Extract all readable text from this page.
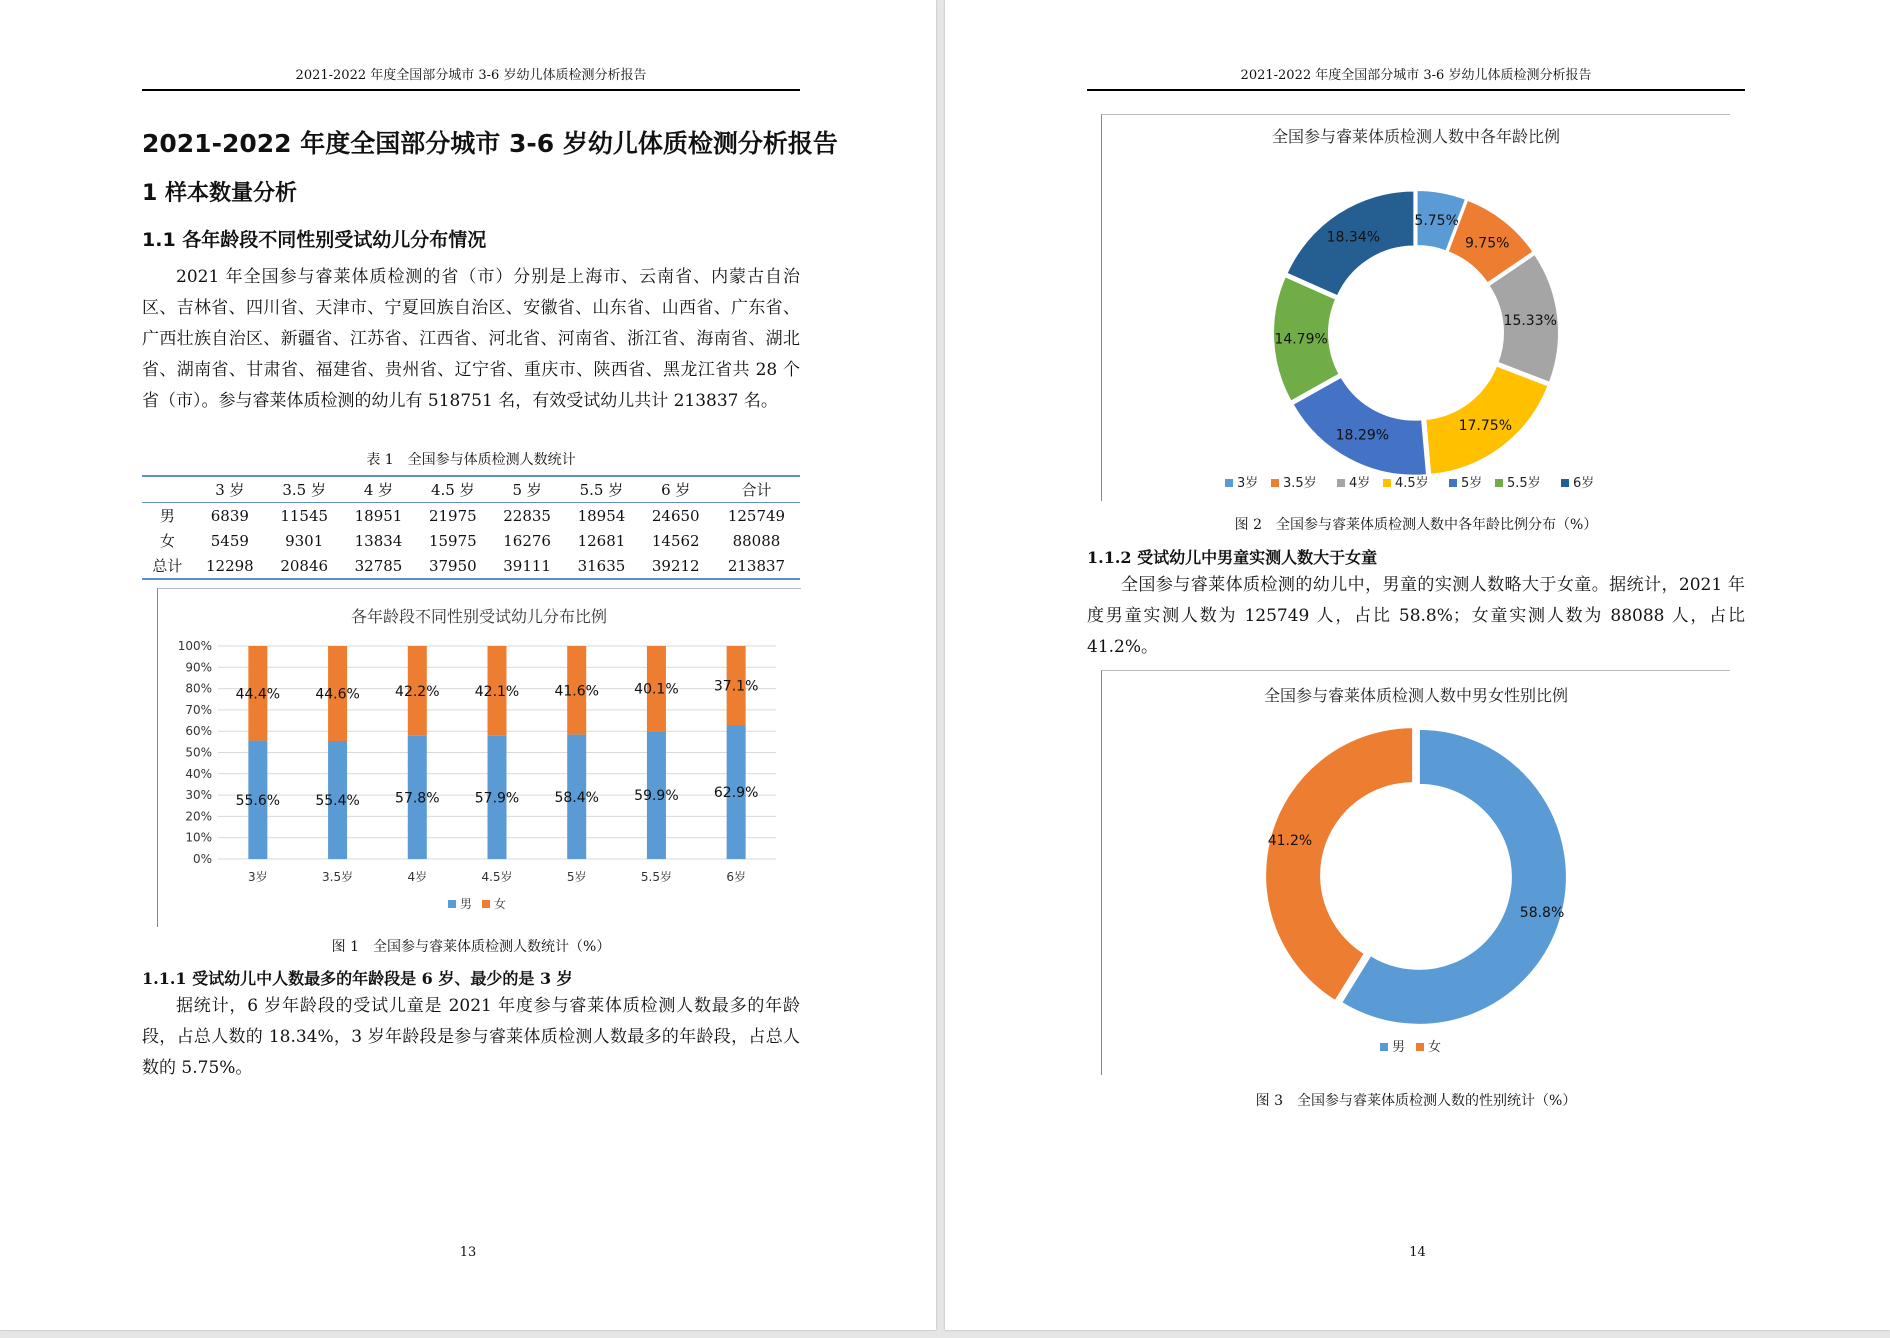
2021-2022 年度全国部分城市 3-6 岁幼儿体质检测分析报告
2021-2022 年度全国部分城市 3-6 岁幼儿体质检测分析报告
1 样本数量分析
1.1 各年龄段不同性别受试幼儿分布情况

2021 年全国参与睿莱体质检测的省（市）分别是上海市、云南省、内蒙古自治区、吉林省、四川省、天津市、宁夏回族自治区、安徽省、山东省、山西省、广东省、广西壮族自治区、新疆省、江苏省、江西省、河北省、河南省、浙江省、海南省、湖北省、湖南省、甘肃省、福建省、贵州省、辽宁省、重庆市、陕西省、黑龙江省共 28 个省（市）。参与睿莱体质检测的幼儿有 518751 名，有效受试幼儿共计 213837 名。

表 1　全国参与体质检测人数统计
	3 岁	3.5 岁	4 岁	4.5 岁	5 岁	5.5 岁	6 岁	合计
男	6839	11545	18951	21975	22835	18954	24650	125749
女	5459	9301	13834	15975	16276	12681	14562	88088
总计	12298	20846	32785	37950	39111	31635	39212	213837
各年龄段不同性别受试幼儿分布比例
0%
10%
20%
30%
40%
50%
60%
70%
80%
90%
100%
55.6%
44.4%
3岁
55.4%
44.6%
3.5岁
57.8%
42.2%
4岁
57.9%
42.1%
4.5岁
58.4%
41.6%
5岁
59.9%
40.1%
5.5岁
62.9%
37.1%
6岁
男 女
图 1　全国参与睿莱体质检测人数统计（%）
1.1.1 受试幼儿中人数最多的年龄段是 6 岁、最少的是 3 岁

据统计，6 岁年龄段的受试儿童是 2021 年度参与睿莱体质检测人数最多的年龄段，占总人数的 18.34%，3 岁年龄段是参与睿莱体质检测人数最多的年龄段，占总人数的 5.75%。

13
2021-2022 年度全国部分城市 3-6 岁幼儿体质检测分析报告
全国参与睿莱体质检测人数中各年龄比例
5.75%
9.75%
15.33%
17.75%
18.29%
14.79%
18.34%
3岁 3.5岁 4岁 4.5岁 5岁 5.5岁 6岁
图 2　全国参与睿莱体质检测人数中各年龄比例分布（%）
1.1.2 受试幼儿中男童实测人数大于女童

全国参与睿莱体质检测的幼儿中，男童的实测人数略大于女童。据统计，2021 年度男童实测人数为 125749 人，占比 58.8%；女童实测人数为 88088 人，占比 41.2%。

全国参与睿莱体质检测人数中男女性别比例
58.8%
41.2%
男 女
图 3　全国参与睿莱体质检测人数的性别统计（%）
14
